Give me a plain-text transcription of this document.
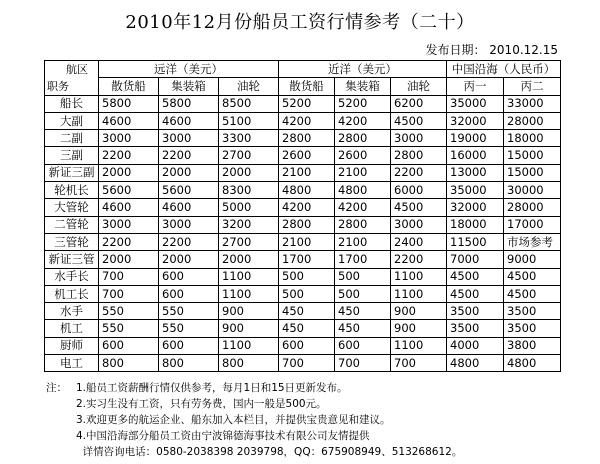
2010年12月份船员工资行情参考（二十）
发布日期： 2010.12.15
航区
职务	远洋（美元）			近洋（美元）			中国沿海（人民币）	
	散货船	集装箱	油轮	散货船	集装箱	油轮	丙一	丙二
船长	5800	5800	8500	5200	5200	6200	35000	33000
大副	4600	4600	5100	4200	4200	4500	32000	28000
二副	3000	3000	3300	2800	2800	3000	19000	18000
三副	2200	2200	2700	2600	2600	2800	16000	15000
新证三副	2000	2000	2000	2100	2100	2200	13000	15000
轮机长	5600	5600	8300	4800	4800	6000	35000	30000
大管轮	4600	4600	5000	4200	4200	4500	32000	28000
二管轮	3000	3000	3200	2800	2800	3000	18000	17000
三管轮	2200	2200	2700	2100	2100	2400	11500	市场参考
新证三管	2000	2000	2000	1700	1700	2200	7000	9000
水手长	700	600	1100	500	500	1100	4500	4500
机工长	700	600	1100	500	500	1100	4500	4500
水手	550	550	900	450	450	900	3500	3500
机工	550	550	900	450	450	900	3500	3500
厨师	600	600	1100	600	600	1100	4000	3800
电工	800	800	800	700	700	700	4800	4800
注： 1.船员工资薪酬行情仅供参考，每月1日和15日更新发布。
2.实习生没有工资，只有劳务费，国内一般是500元。
3.欢迎更多的航运企业、船东加入本栏目，并提供宝贵意见和建议。
4.中国沿海部分船员工资由宁波锦德海事技术有限公司友情提供
详情咨询电话：0580-2038398 2039798，QQ：675908949、513268612。
